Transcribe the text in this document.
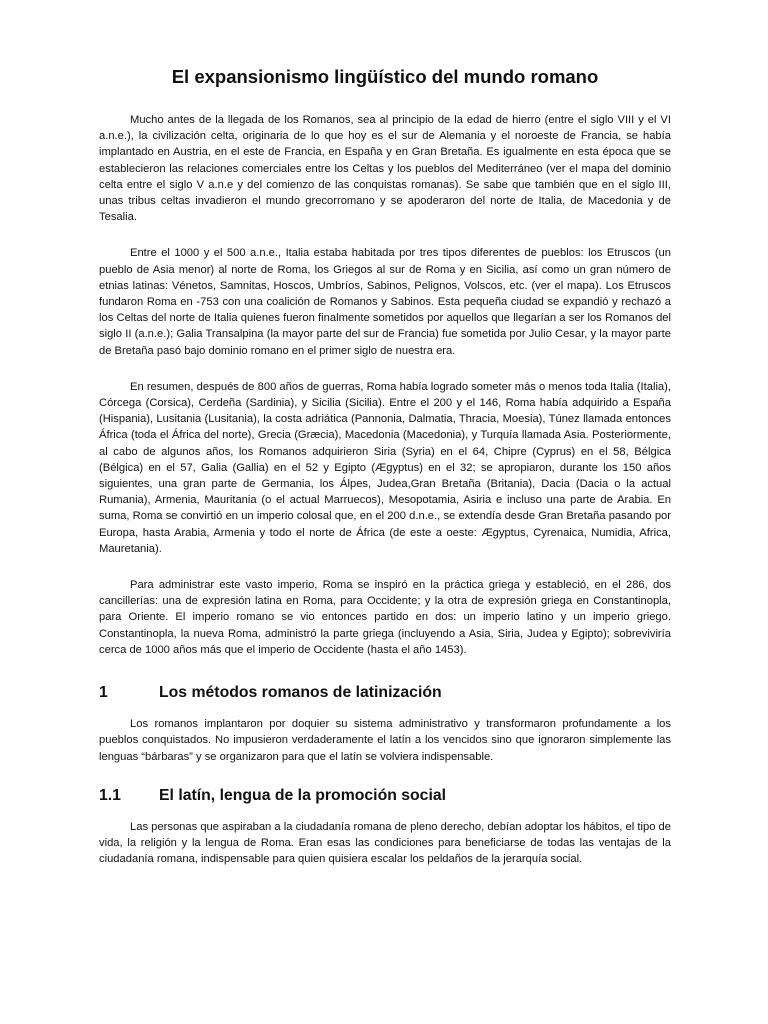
El expansionismo lingüístico del mundo romano

Mucho antes de la llegada de los Romanos, sea al principio de la edad de hierro (entre el siglo VIII y el VI a.n.e.), la civilización celta, originaria de lo que hoy es el sur de Alemania y el noroeste de Francia, se había implantado en Austria, en el este de Francia, en España y en Gran Bretaña. Es igualmente en esta época que se establecieron las relaciones comerciales entre los Celtas y los pueblos del Mediterráneo (ver el mapa del dominio celta entre el siglo V a.n.e y del comienzo de las conquistas romanas). Se sabe que también que en el siglo III, unas tribus celtas invadieron el mundo grecorromano y se apoderaron del norte de Italia, de Macedonia y de Tesalia.

Entre el 1000 y el 500 a.n.e., Italia estaba habitada por tres tipos diferentes de pueblos: los Etruscos (un pueblo de Asia menor) al norte de Roma, los Griegos al sur de Roma y en Sicilia, así como un gran número de etnias latinas: Vénetos, Samnitas, Hoscos, Umbríos, Sabinos, Pelignos, Volscos, etc. (ver el mapa). Los Etruscos fundaron Roma en -753 con una coalición de Romanos y Sabinos. Esta pequeña ciudad se expandió y rechazó a los Celtas del norte de Italia quienes fueron finalmente sometidos por aquellos que llegarían a ser los Romanos del siglo II (a.n.e.); Galia Transalpina (la mayor parte del sur de Francia) fue sometida por Julio Cesar, y la mayor parte de Bretaña pasó bajo dominio romano en el primer siglo de nuestra era.

En resumen, después de 800 años de guerras, Roma había logrado someter más o menos toda Italia (Italia), Córcega (Corsica), Cerdeña (Sardinia), y Sicilia (Sicilia). Entre el 200 y el 146, Roma había adquirido a España (Hispania), Lusitania (Lusitania), la costa adriática (Pannonia, Dalmatia, Thracia, Moesia), Túnez llamada entonces África (toda el África del norte), Grecia (Græcia), Macedonia (Macedonia), y Turquía llamada Asia. Posteriormente, al cabo de algunos años, los Romanos adquirieron Siria (Syria) en el 64, Chipre (Cyprus) en el 58, Bélgica (Bélgica) en el 57, Galia (Gallia) en el 52 y Egipto (Ægyptus) en el 32; se apropiaron, durante los 150 años siguientes, una gran parte de Germania, los Álpes, Judea,Gran Bretaña (Britania), Dacia (Dacia o la actual Rumania), Armenia, Mauritania (o el actual Marruecos), Mesopotamia, Asiria e incluso una parte de Arabia. En suma, Roma se convirtió en un imperio colosal que, en el 200 d.n.e., se extendía desde Gran Bretaña pasando por Europa, hasta Arabia, Armenia y todo el norte de África (de este a oeste: Ægyptus, Cyrenaica, Numidia, Africa, Mauretania).

Para administrar este vasto imperio, Roma se inspiró en la práctica griega y estableció, en el 286, dos cancillerías: una de expresión latina en Roma, para Occidente; y la otra de expresión griega en Constantinopla, para Oriente. El imperio romano se vio entonces partido en dos: un imperio latino y un imperio griego. Constantinopla, la nueva Roma, administró la parte griega (incluyendo a Asia, Siria, Judea y Egipto); sobreviviría cerca de 1000 años más que el imperio de Occidente (hasta el año 1453).

1	Los métodos romanos de latinización

Los romanos implantaron por doquier su sistema administrativo y transformaron profundamente a los pueblos conquistados. No impusieron verdaderamente el latín a los vencidos sino que ignoraron simplemente las lenguas “bárbaras” y se organizaron para que el latín se volviera indispensable.

1.1	El latín, lengua de la promoción social

Las personas que aspiraban a la ciudadanía romana de pleno derecho, debían adoptar los hábitos, el tipo de vida, la religión y la lengua de Roma. Eran esas las condiciones para beneficiarse de todas las ventajas de la ciudadanía romana, indispensable para quien quisiera escalar los peldaños de la jerarquía social.
